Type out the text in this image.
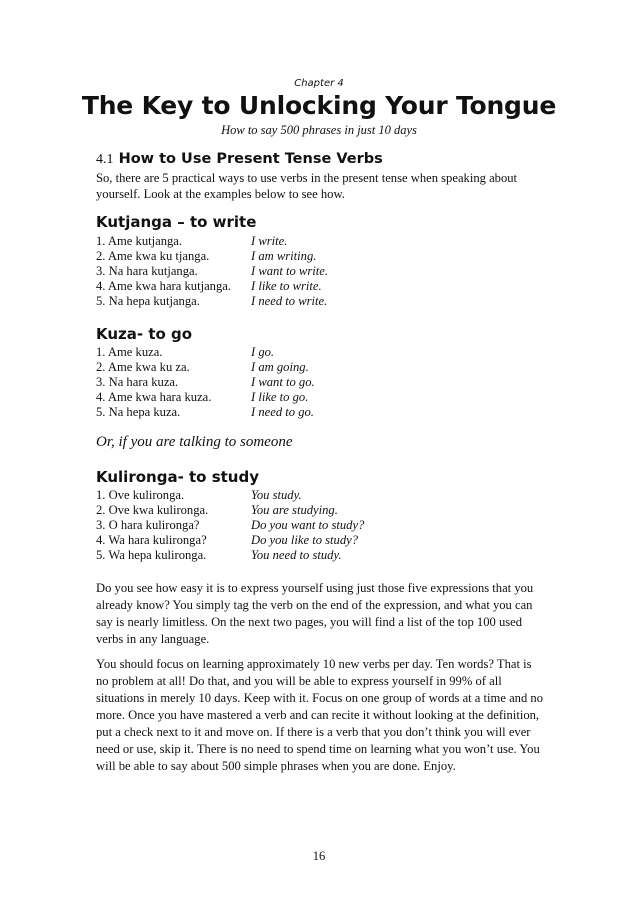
Chapter 4
The Key to Unlocking Your Tongue
How to say 500 phrases in just 10 days
4.1 How to Use Present Tense Verbs
So, there are 5 practical ways to use verbs in the present tense when speaking about yourself. Look at the examples below to see how.
Kutjanga – to write
1. Ame kutjanga.	I write.
2. Ame kwa ku tjanga.	I am writing.
3. Na hara kutjanga.	I want to write.
4. Ame kwa hara kutjanga. I like to write.
5. Na hepa kutjanga.	I need to write.
Kuza- to go
1. Ame kuza.	I go.
2. Ame kwa ku za.	I am going.
3. Na hara kuza.	I want to go.
4. Ame kwa hara kuza.	I like to go.
5. Na hepa kuza.	I need to go.
Or, if you are talking to someone
Kulironga- to study
1. Ove kulironga.	You study.
2. Ove kwa kulironga.	You are studying.
3. O hara kulironga?	Do you want to study?
4. Wa hara kulironga?	Do you like to study?
5. Wa hepa kulironga.	You need to study.
Do you see how easy it is to express yourself using just those five expressions that you already know? You simply tag the verb on the end of the expression, and what you can say is nearly limitless. On the next two pages, you will find a list of the top 100 used verbs in any language.
You should focus on learning approximately 10 new verbs per day. Ten words? That is no problem at all! Do that, and you will be able to express yourself in 99% of all situations in merely 10 days. Keep with it. Focus on one group of words at a time and no more. Once you have mastered a verb and can recite it without looking at the definition, put a check next to it and move on. If there is a verb that you don’t think you will ever need or use, skip it. There is no need to spend time on learning what you won’t use. You will be able to say about 500 simple phrases when you are done. Enjoy.
16
